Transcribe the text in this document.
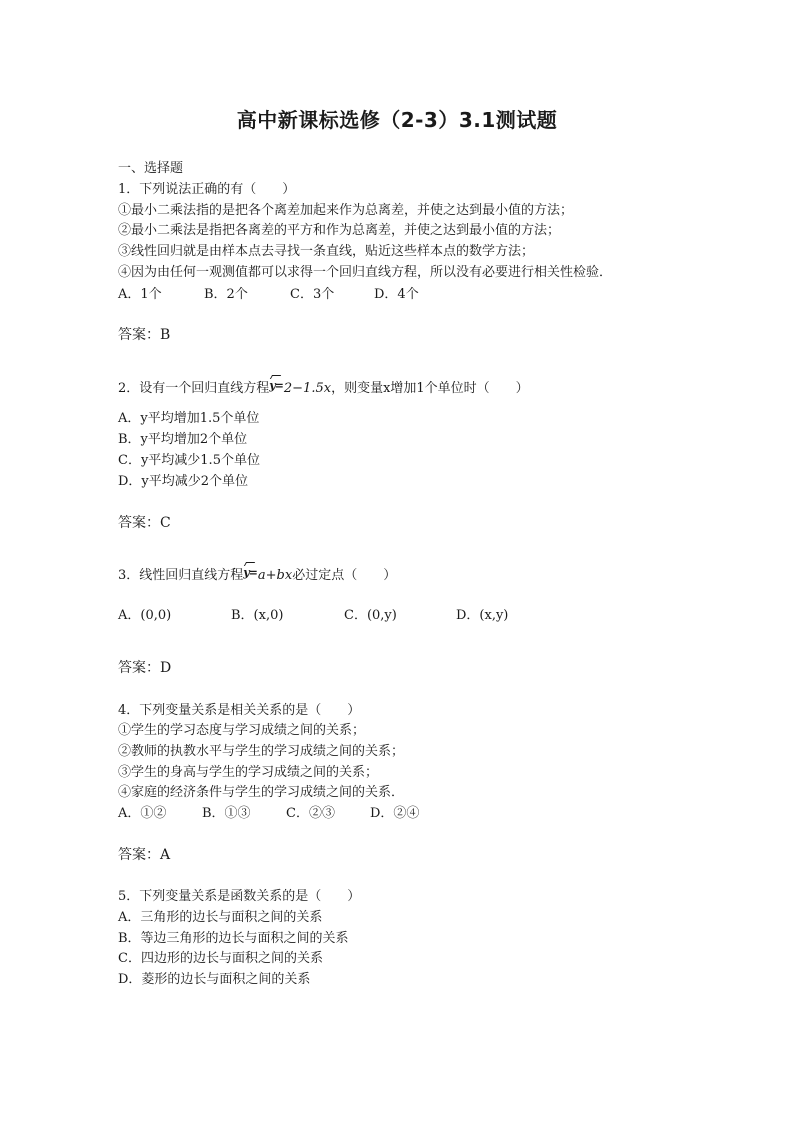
高中新课标选修（2-3）3.1测试题
一、选择题
1．下列说法正确的有（　　）
①最小二乘法指的是把各个离差加起来作为总离差，并使之达到最小值的方法；
②最小二乘法是指把各离差的平方和作为总离差，并使之达到最小值的方法；
③线性回归就是由样本点去寻找一条直线，贴近这些样本点的数学方法；
④因为由任何一观测值都可以求得一个回归直线方程，所以没有必要进行相关性检验．
A．1个	B．2个	C．3个	D．4个
答案：B
2．设有一个回归直线方程y=2−1.5x，则变量x增加1个单位时（　　）
A．y平均增加1.5个单位
B．y平均增加2个单位
C．y平均减少1.5个单位
D．y平均减少2个单位
答案：C
3．线性回归直线方程y=a+bx必过定点（　　）
A．(0,0)	B．(x,0)	C．(0,y)	D．(x,y)
答案：D
4．下列变量关系是相关关系的是（　　）
①学生的学习态度与学习成绩之间的关系；
②教师的执教水平与学生的学习成绩之间的关系；
③学生的身高与学生的学习成绩之间的关系；
④家庭的经济条件与学生的学习成绩之间的关系．
A．①②	B．①③	C．②③	D．②④
答案：A
5．下列变量关系是函数关系的是（　　）
A．三角形的边长与面积之间的关系
B．等边三角形的边长与面积之间的关系
C．四边形的边长与面积之间的关系
D．菱形的边长与面积之间的关系
